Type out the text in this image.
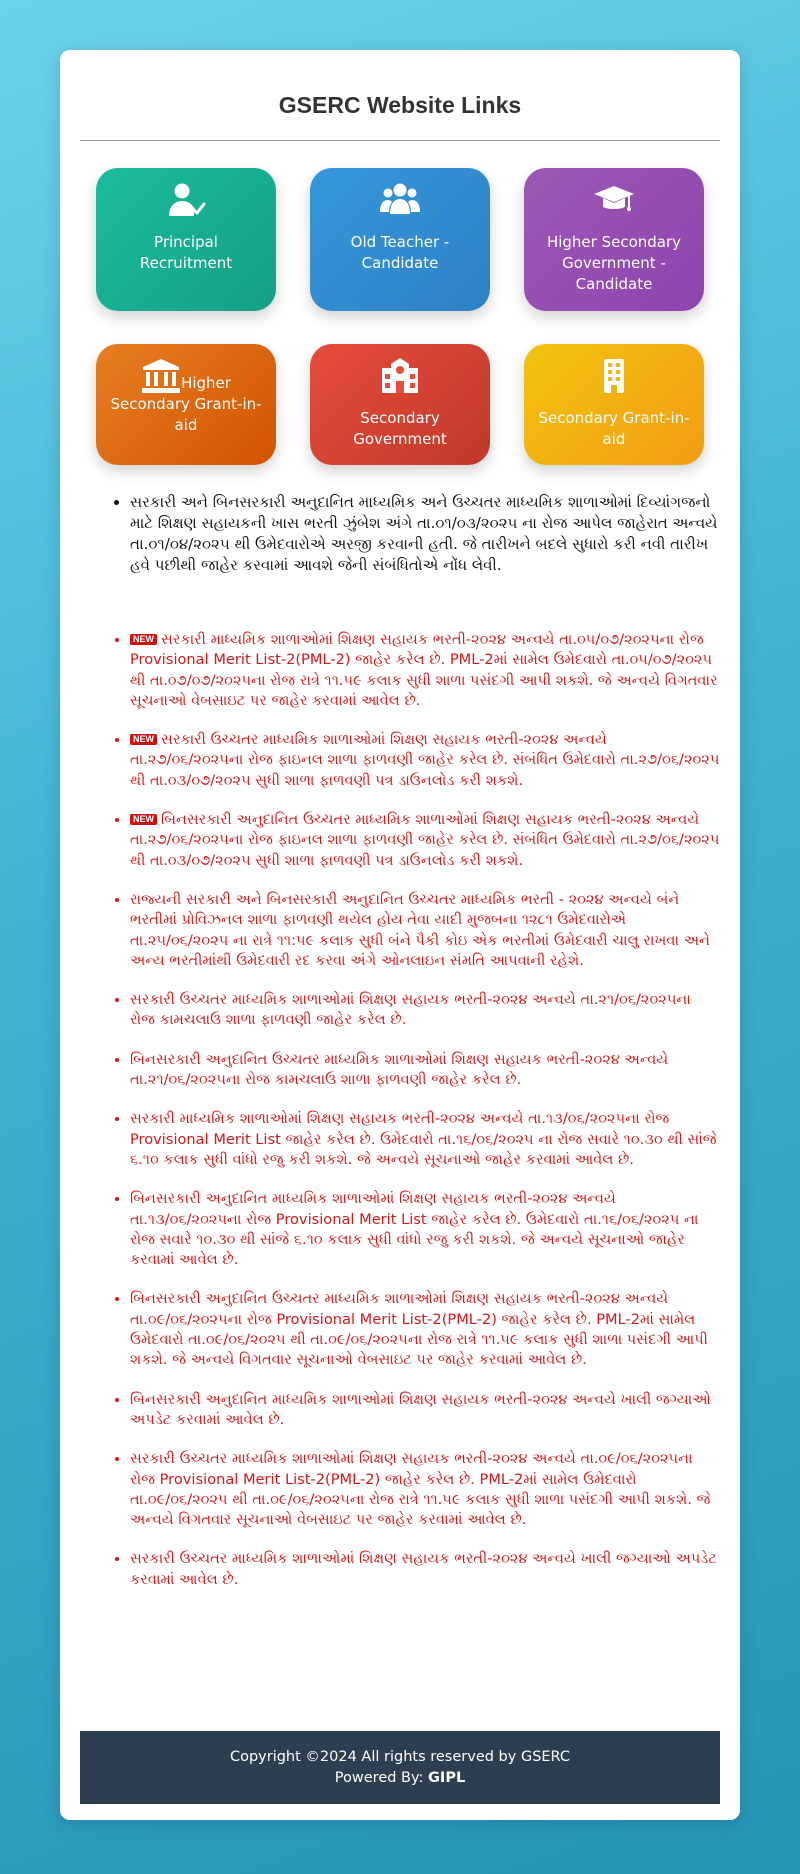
GSERC Website Links
Principal Recruitment
Old Teacher - Candidate
Higher Secondary Government - Candidate
Higher Secondary Grant-in-aid	Secondary Government
Secondary Grant-in-aid
• સરકારી અને બિનસરકારી અનુદાનિત માધ્યમિક અને ઉચ્ચતર માધ્યમિક શાળાઓમાં દિવ્યાંગજનો માટે શિક્ષણ સહાયકની ખાસ ભરતી ઝુંબેશ અંગે તા.૦૧/૦૩/૨૦૨૫ ના રોજ આપેલ જાહેરાત અન્વયે તા.૦૧/૦૪/૨૦૨૫ થી ઉમેદવારોએ અરજી કરવાની હતી. જે તારીખને બદલે સુધારો કરી નવી તારીખ હવે પછીથી જાહેર કરવામાં આવશે જેની સંબંધિતોએ નોંધ લેવી.
• NEW સરકારી માધ્યમિક શાળાઓમાં શિક્ષણ સહાયક ભરતી-૨૦૨૪ અન્વયે તા.૦૫/૦૭/૨૦૨૫ના રોજ Provisional Merit List-2(PML-2) જાહેર કરેલ છે. PML-2માં સામેલ ઉમેદવારો તા.૦૫/૦૭/૨૦૨૫ થી તા.૦૭/૦૭/૨૦૨૫ના રોજ રાત્રે ૧૧.૫૯ કલાક સુધી શાળા પસંદગી આપી શકશે. જે અન્વયે વિગતવાર સૂચનાઓ વેબસાઇટ પર જાહેર કરવામાં આવેલ છે.
• NEW સરકારી ઉચ્ચતર માધ્યમિક શાળાઓમાં શિક્ષણ સહાયક ભરતી-૨૦૨૪ અન્વયે તા.૨૭/૦૬/૨૦૨૫ના રોજ ફાઇનલ શાળા ફાળવણી જાહેર કરેલ છે. સંબંધિત ઉમેદવારો તા.૨૭/૦૬/૨૦૨૫ થી તા.૦૩/૦૭/૨૦૨૫ સુધી શાળા ફાળવણી પત્ર ડાઉનલોડ કરી શકશે.
• NEW બિનસરકારી અનુદાનિત ઉચ્ચતર માધ્યમિક શાળાઓમાં શિક્ષણ સહાયક ભરતી-૨૦૨૪ અન્વયે તા.૨૭/૦૬/૨૦૨૫ના રોજ ફાઇનલ શાળા ફાળવણી જાહેર કરેલ છે. સંબંધિત ઉમેદવારો તા.૨૭/૦૬/૨૦૨૫ થી તા.૦૩/૦૭/૨૦૨૫ સુધી શાળા ફાળવણી પત્ર ડાઉનલોડ કરી શકશે.
• રાજ્યની સરકારી અને બિનસરકારી અનુદાનિત ઉચ્ચતર માધ્યમિક ભરતી - ૨૦૨૪ અન્વયે બંને ભરતીમાં પ્રોવિઝનલ શાળા ફાળવણી થયેલ હોય તેવા યાદી મુજબના ૧૨૮૧ ઉમેદવારોએ તા.૨૫/૦૬/૨૦૨૫ ના રાત્રે ૧૧:૫૯ કલાક સુધી બંને પૈકી કોઇ એક ભરતીમાં ઉમેદવારી ચાલુ રાખવા અને અન્ય ભરતીમાંથી ઉમેદવારી રદ કરવા અંગે ઓનલાઇન સંમતિ આપવાની રહેશે.
• સરકારી ઉચ્ચતર માધ્યમિક શાળાઓમાં શિક્ષણ સહાયક ભરતી-૨૦૨૪ અન્વયે તા.૨૧/૦૬/૨૦૨૫ના રોજ કામચલાઉ શાળા ફાળવણી જાહેર કરેલ છે.
• બિનસરકારી અનુદાનિત ઉચ્ચતર માધ્યમિક શાળાઓમાં શિક્ષણ સહાયક ભરતી-૨૦૨૪ અન્વયે તા.૨૧/૦૬/૨૦૨૫ના રોજ કામચલાઉ શાળા ફાળવણી જાહેર કરેલ છે.
• સરકારી માધ્યમિક શાળાઓમાં શિક્ષણ સહાયક ભરતી-૨૦૨૪ અન્વયે તા.૧૩/૦૬/૨૦૨૫ના રોજ Provisional Merit List જાહેર કરેલ છે. ઉમેદવારો તા.૧૬/૦૬/૨૦૨૫ ના રોજ સવારે ૧૦.૩૦ થી સાંજે ૬.૧૦ કલાક સુધી વાંધો રજુ કરી શકશે. જે અન્વયે સૂચનાઓ જાહેર કરવામાં આવેલ છે.
• બિનસરકારી અનુદાનિત માધ્યમિક શાળાઓમાં શિક્ષણ સહાયક ભરતી-૨૦૨૪ અન્વયે તા.૧૩/૦૬/૨૦૨૫ના રોજ Provisional Merit List જાહેર કરેલ છે. ઉમેદવારો તા.૧૬/૦૬/૨૦૨૫ ના રોજ સવારે ૧૦.૩૦ થી સાંજે ૬.૧૦ કલાક સુધી વાંધો રજુ કરી શકશે. જે અન્વયે સૂચનાઓ જાહેર કરવામાં આવેલ છે.
• બિનસરકારી અનુદાનિત ઉચ્ચતર માધ્યમિક શાળાઓમાં શિક્ષણ સહાયક ભરતી-૨૦૨૪ અન્વયે તા.૦૯/૦૬/૨૦૨૫ના રોજ Provisional Merit List-2(PML-2) જાહેર કરેલ છે. PML-2માં સામેલ ઉમેદવારો તા.૦૯/૦૬/૨૦૨૫ થી તા.૦૯/૦૬/૨૦૨૫ના રોજ રાત્રે ૧૧.૫૯ કલાક સુધી શાળા પસંદગી આપી શકશે. જે અન્વયે વિગતવાર સૂચનાઓ વેબસાઇટ પર જાહેર કરવામાં આવેલ છે.
• બિનસરકારી અનુદાનિત માધ્યમિક શાળાઓમાં શિક્ષણ સહાયક ભરતી-૨૦૨૪ અન્વયે ખાલી જગ્યાઓ અપડેટ કરવામાં આવેલ છે.
• સરકારી ઉચ્ચતર માધ્યમિક શાળાઓમાં શિક્ષણ સહાયક ભરતી-૨૦૨૪ અન્વયે તા.૦૯/૦૬/૨૦૨૫ના રોજ Provisional Merit List-2(PML-2) જાહેર કરેલ છે. PML-2માં સામેલ ઉમેદવારો તા.૦૯/૦૬/૨૦૨૫ થી તા.૦૯/૦૬/૨૦૨૫ના રોજ રાત્રે ૧૧.૫૯ કલાક સુધી શાળા પસંદગી આપી શકશે. જે અન્વયે વિગતવાર સૂચનાઓ વેબસાઇટ પર જાહેર કરવામાં આવેલ છે.
• સરકારી ઉચ્ચતર માધ્યમિક શાળાઓમાં શિક્ષણ સહાયક ભરતી-૨૦૨૪ અન્વયે ખાલી જગ્યાઓ અપડેટ કરવામાં આવેલ છે.
Copyright ©2024 All rights reserved by GSERC
Powered By: GIPL
